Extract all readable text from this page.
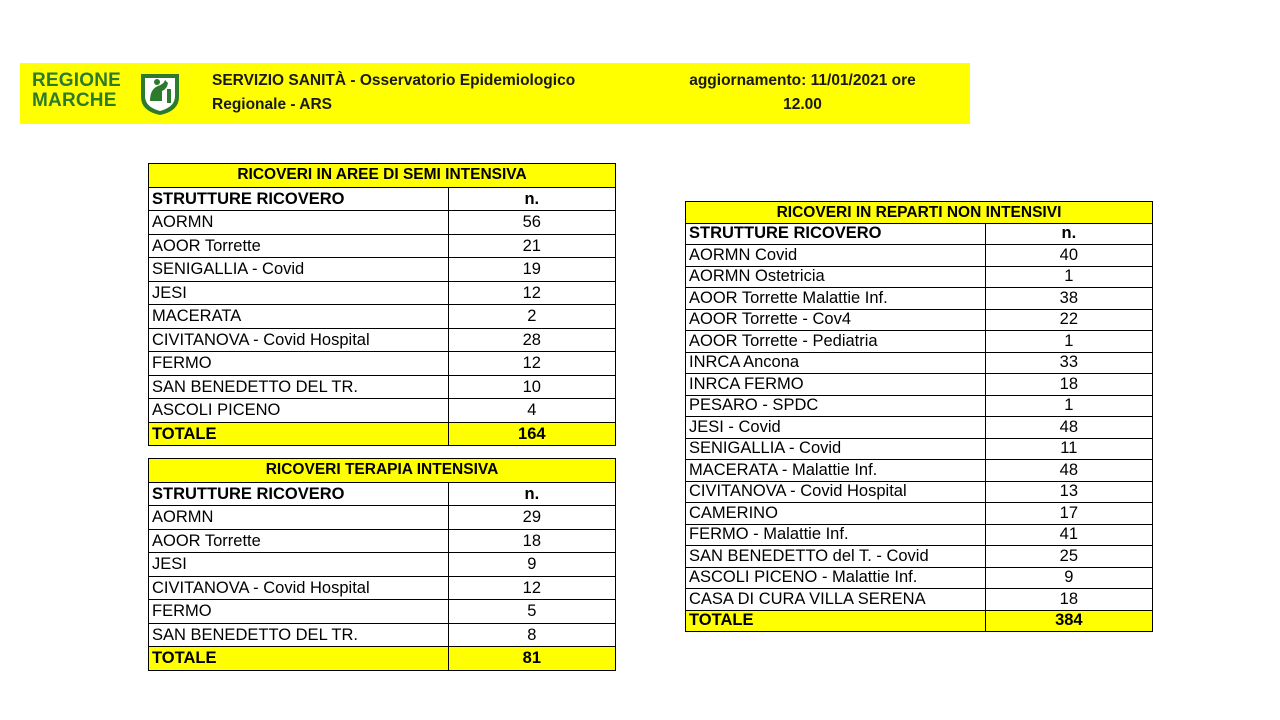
REGIONE
MARCHE
SERVIZIO SANITÀ - Osservatorio Epidemiologico
Regionale - ARS
aggiornamento: 11/01/2021 ore
12.00
RICOVERI IN AREE DI SEMI INTENSIVA	
STRUTTURE RICOVERO	n.
AORMN	56
AOOR Torrette	21
SENIGALLIA - Covid	19
JESI	12
MACERATA	2
CIVITANOVA - Covid Hospital	28
FERMO	12
SAN BENEDETTO DEL TR.	10
ASCOLI PICENO	4
TOTALE	164
RICOVERI TERAPIA INTENSIVA	
STRUTTURE RICOVERO	n.
AORMN	29
AOOR Torrette	18
JESI	9
CIVITANOVA - Covid Hospital	12
FERMO	5
SAN BENEDETTO DEL TR.	8
TOTALE	81
RICOVERI IN REPARTI NON INTENSIVI	
STRUTTURE RICOVERO	n.
AORMN Covid	40
AORMN Ostetricia	1
AOOR Torrette Malattie Inf.	38
AOOR Torrette - Cov4	22
AOOR Torrette - Pediatria	1
INRCA Ancona	33
INRCA FERMO	18
PESARO - SPDC	1
JESI - Covid	48
SENIGALLIA - Covid	11
MACERATA - Malattie Inf.	48
CIVITANOVA - Covid Hospital	13
CAMERINO	17
FERMO - Malattie Inf.	41
SAN BENEDETTO del T. - Covid	25
ASCOLI PICENO - Malattie Inf.	9
CASA DI CURA VILLA SERENA	18
TOTALE	384
